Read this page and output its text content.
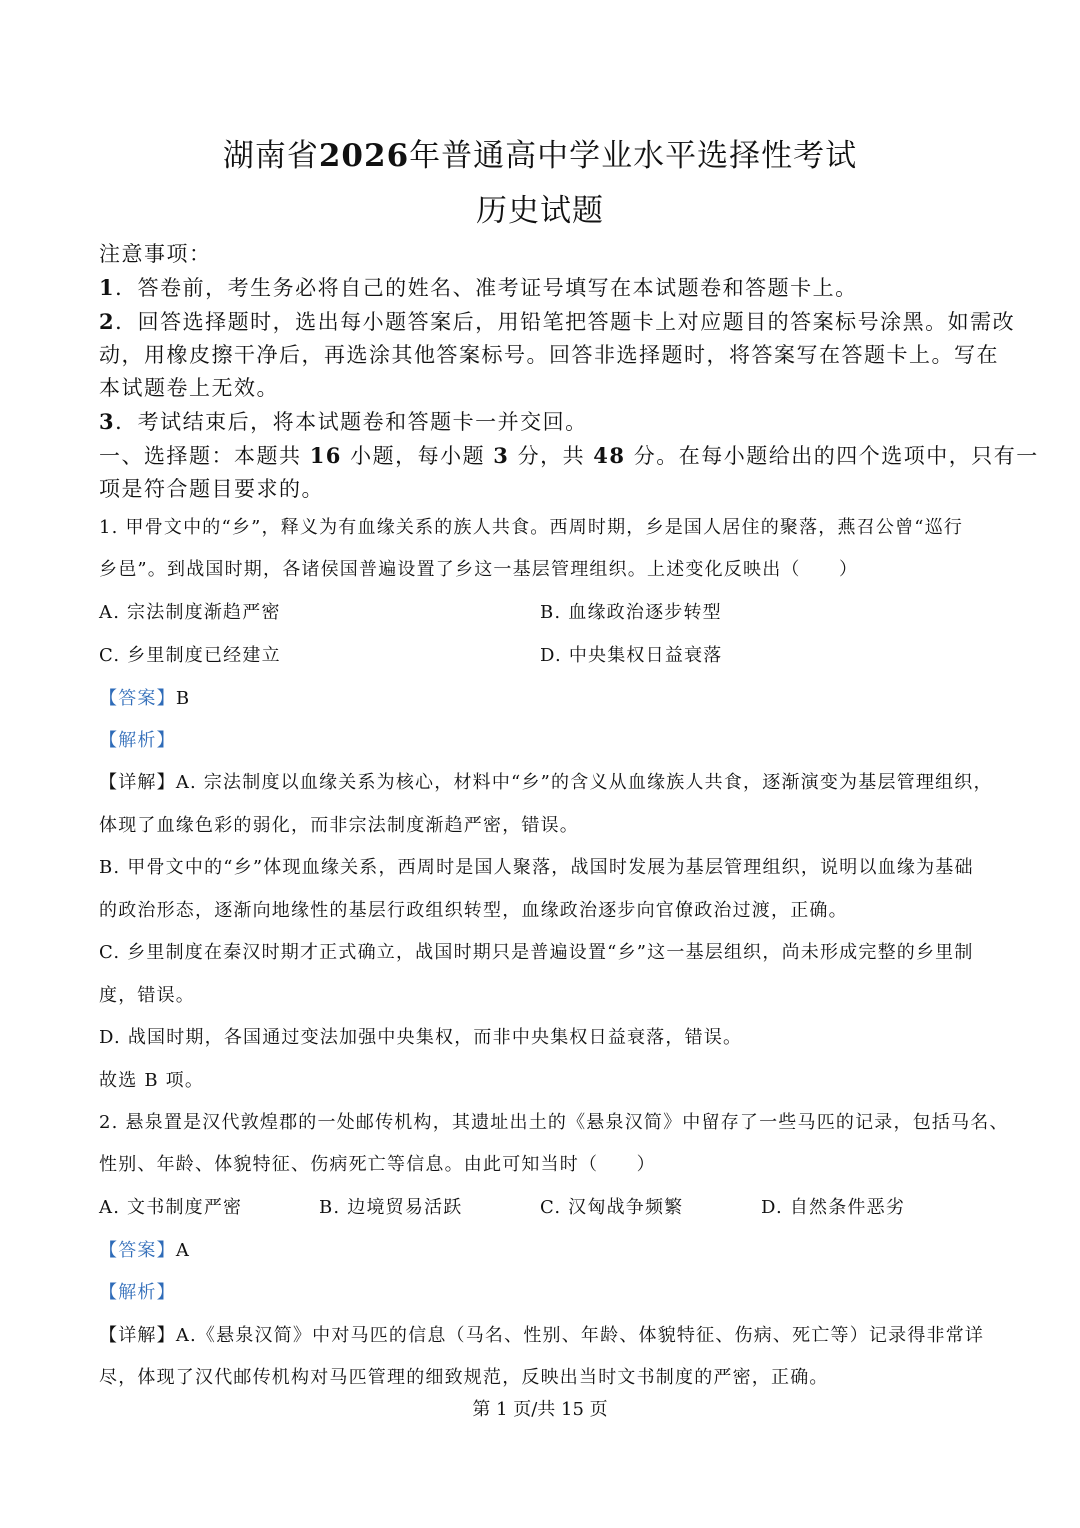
湖南省2026年普通高中学业水平选择性考试
历史试题
注意事项：
1．答卷前，考生务必将自己的姓名、准考证号填写在本试题卷和答题卡上。
2．回答选择题时，选出每小题答案后，用铅笔把答题卡上对应题目的答案标号涂黑。如需改
动，用橡皮擦干净后，再选涂其他答案标号。回答非选择题时，将答案写在答题卡上。写在
本试题卷上无效。
3．考试结束后，将本试题卷和答题卡一并交回。
一、选择题：本题共 16 小题，每小题 3 分，共 48 分。在每小题给出的四个选项中，只有一
项是符合题目要求的。
1. 甲骨文中的“乡”，释义为有血缘关系的族人共食。西周时期，乡是国人居住的聚落，燕召公曾“巡行
乡邑”。到战国时期，各诸侯国普遍设置了乡这一基层管理组织。上述变化反映出（　　）
A. 宗法制度渐趋严密	B. 血缘政治逐步转型
C. 乡里制度已经建立	D. 中央集权日益衰落
【答案】B
【解析】
【详解】A. 宗法制度以血缘关系为核心，材料中“乡”的含义从血缘族人共食，逐渐演变为基层管理组织，
体现了血缘色彩的弱化，而非宗法制度渐趋严密，错误。
B. 甲骨文中的“乡”体现血缘关系，西周时是国人聚落，战国时发展为基层管理组织，说明以血缘为基础
的政治形态，逐渐向地缘性的基层行政组织转型，血缘政治逐步向官僚政治过渡，正确。
C. 乡里制度在秦汉时期才正式确立，战国时期只是普遍设置“乡”这一基层组织，尚未形成完整的乡里制
度，错误。
D. 战国时期，各国通过变法加强中央集权，而非中央集权日益衰落，错误。
故选 B 项。
2. 悬泉置是汉代敦煌郡的一处邮传机构，其遗址出土的《悬泉汉简》中留存了一些马匹的记录，包括马名、
性别、年龄、体貌特征、伤病死亡等信息。由此可知当时（　　）
A. 文书制度严密	B. 边境贸易活跃	C. 汉匈战争频繁	D. 自然条件恶劣
【答案】A
【解析】
【详解】A.《悬泉汉简》中对马匹的信息（马名、性别、年龄、体貌特征、伤病、死亡等）记录得非常详
尽，体现了汉代邮传机构对马匹管理的细致规范，反映出当时文书制度的严密，正确。
第 1 页/共 15 页
